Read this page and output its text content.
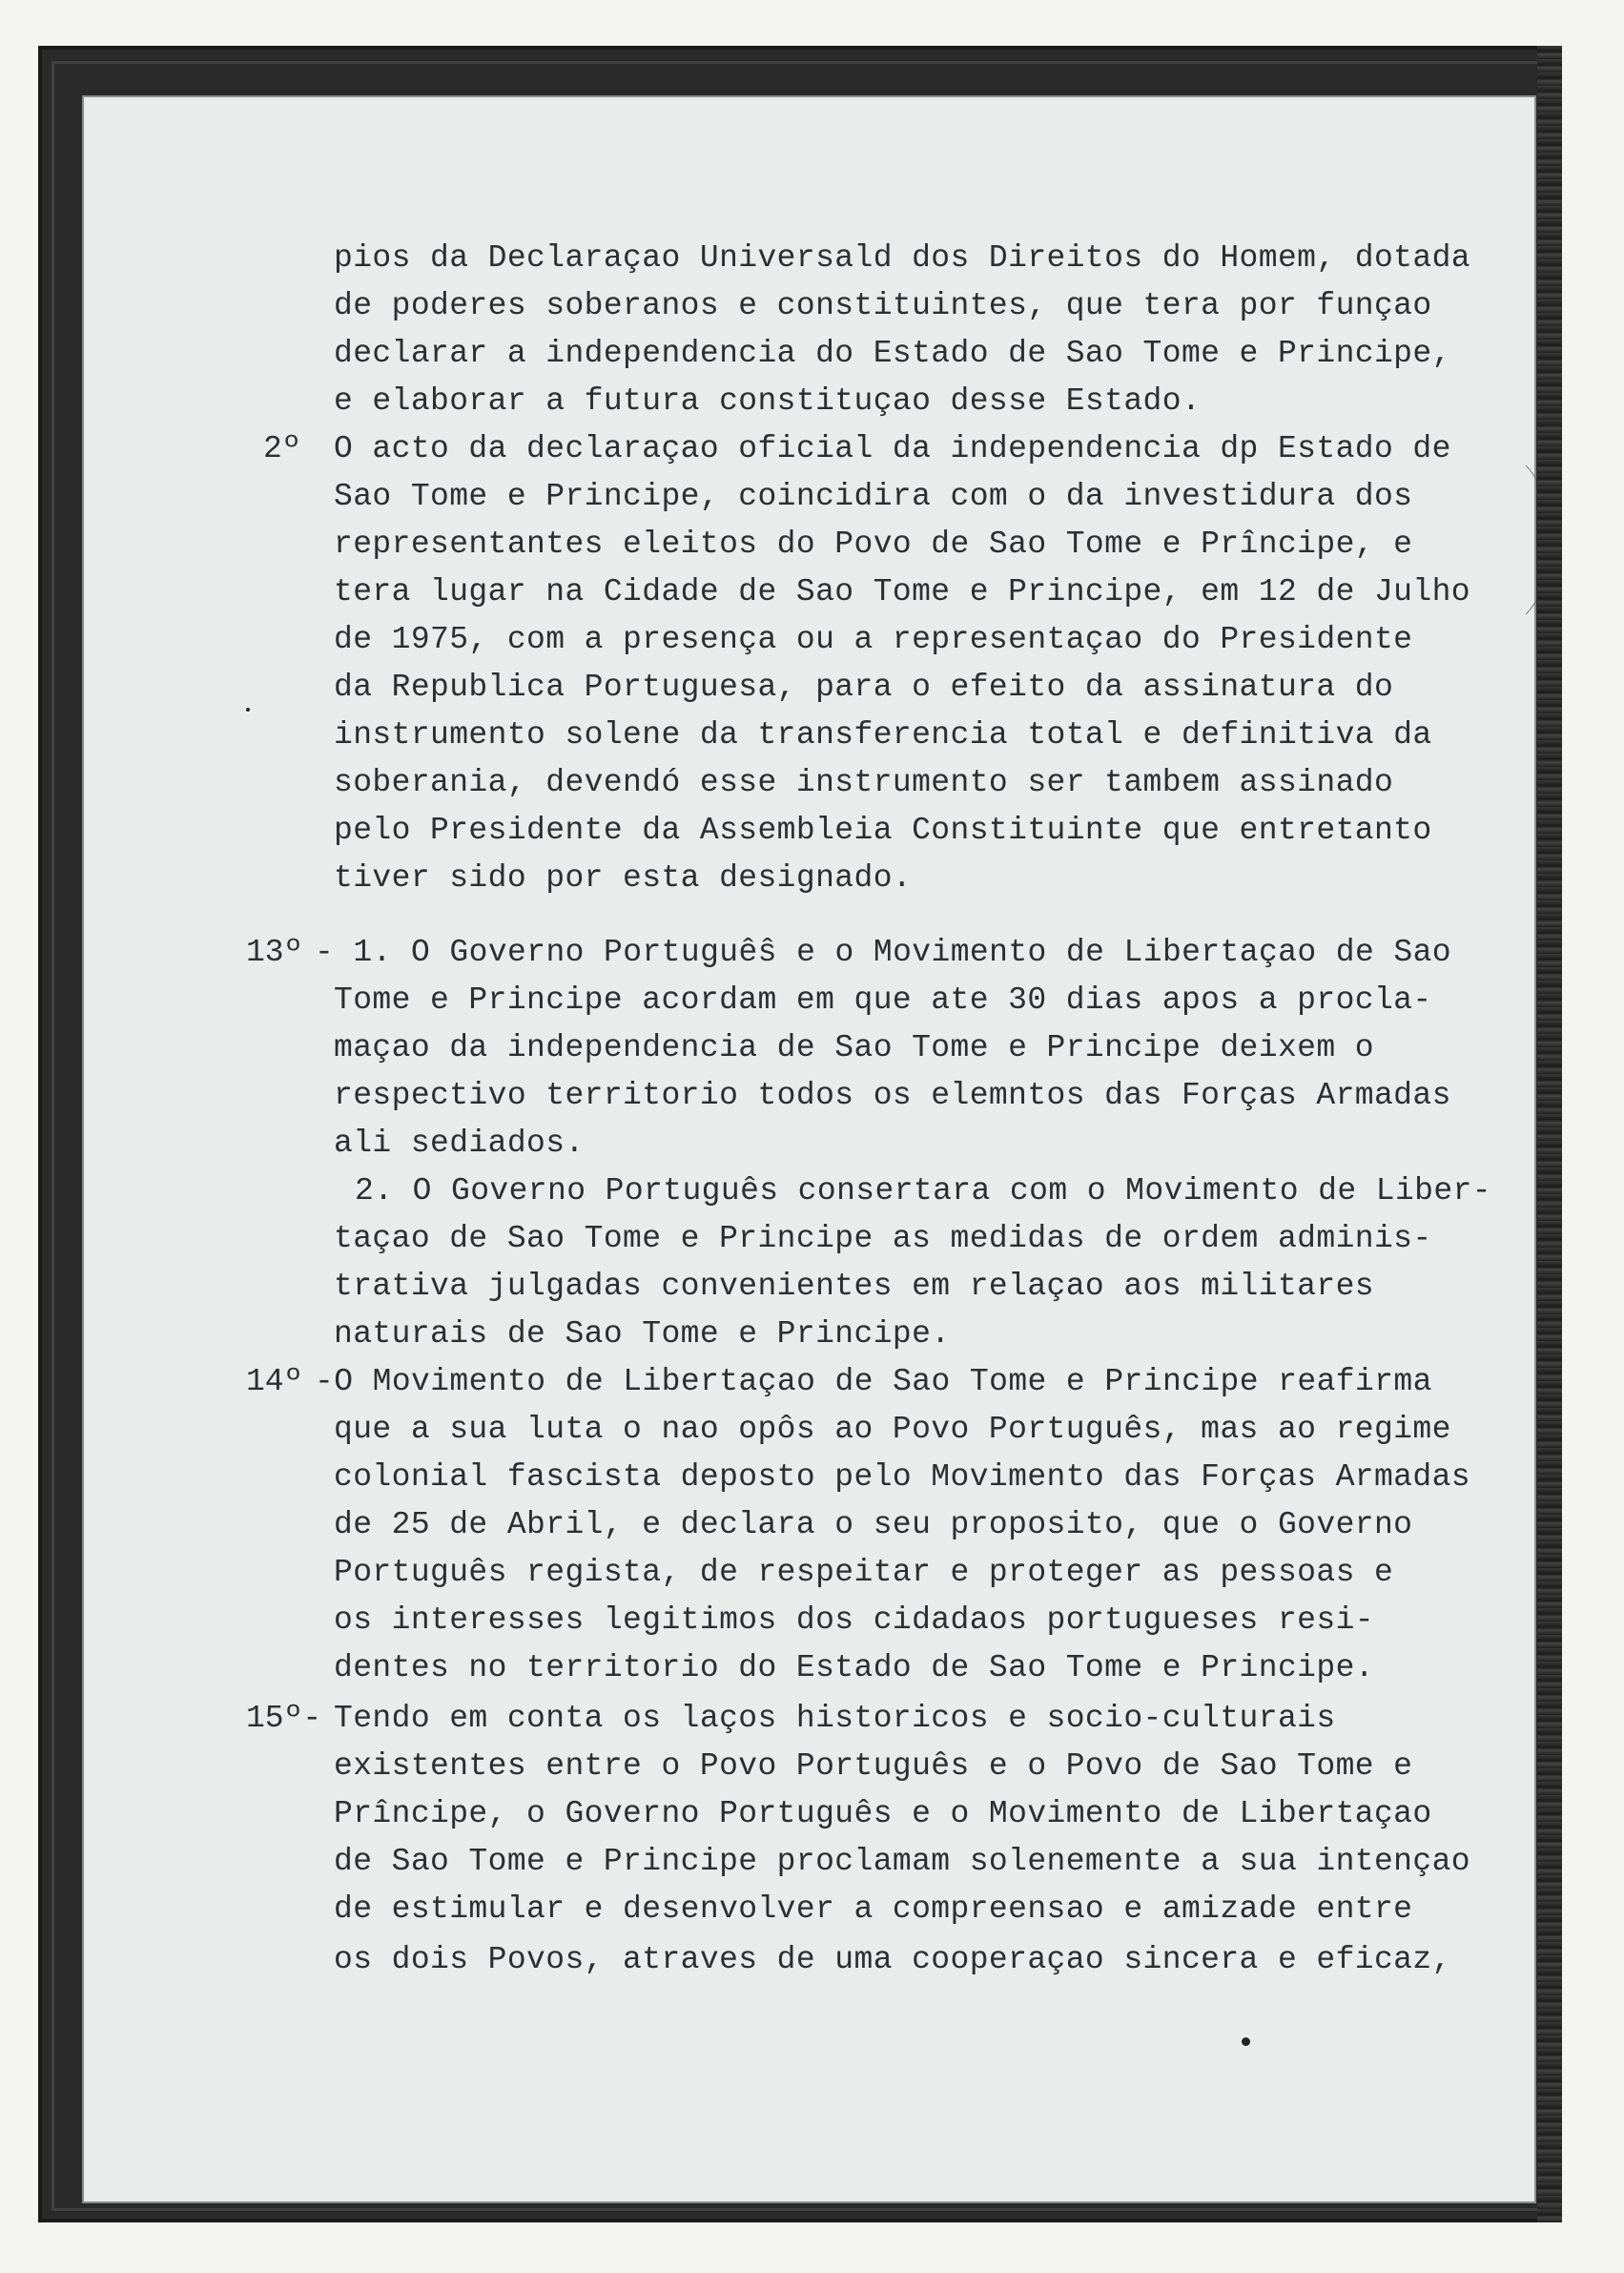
pios da Declaraçao Universald dos Direitos do Homem, dotada
de poderes soberanos e constituintes, que tera por funçao
declarar a independencia do Estado de Sao Tome e Principe,
e elaborar a futura constituçao desse Estado.
2º O acto da declaraçao oficial da independencia dp Estado de
Sao Tome e Principe, coincidira com o da investidura dos
representantes eleitos do Povo de Sao Tome e Prîncipe, e
tera lugar na Cidade de Sao Tome e Principe, em 12 de Julho
de 1975, com a presença ou a representaçao do Presidente
da Republica Portuguesa, para o efeito da assinatura do
instrumento solene da transferencia total e definitiva da
soberania, devendó esse instrumento ser tambem assinado
pelo Presidente da Assembleia Constituinte que entretanto
tiver sido por esta designado.
13º - 1. O Governo Portuguêŝ e o Movimento de Libertaçao de Sao
Tome e Principe acordam em que ate 30 dias apos a procla-
maçao da independencia de Sao Tome e Principe deixem o
respectivo territorio todos os elemntos das Forças Armadas
ali sediados.
2. O Governo Português consertara com o Movimento de Liber-
taçao de Sao Tome e Principe as medidas de ordem adminis-
trativa julgadas convenientes em relaçao aos militares
naturais de Sao Tome e Principe.
14º -O Movimento de Libertaçao de Sao Tome e Principe reafirma
que a sua luta o nao opôs ao Povo Português, mas ao regime
colonial fascista deposto pelo Movimento das Forças Armadas
de 25 de Abril, e declara o seu proposito, que o Governo
Português regista, de respeitar e proteger as pessoas e
os interesses legitimos dos cidadaos portugueses resi-
dentes no territorio do Estado de Sao Tome e Principe.
15º- Tendo em conta os laços historicos e socio-culturais
existentes entre o Povo Português e o Povo de Sao Tome e
Prîncipe, o Governo Português e o Movimento de Libertaçao
de Sao Tome e Principe proclamam solenemente a sua intençao
de estimular e desenvolver a compreensao e amizade entre
os dois Povos, atraves de uma cooperaçao sincera e eficaz,
